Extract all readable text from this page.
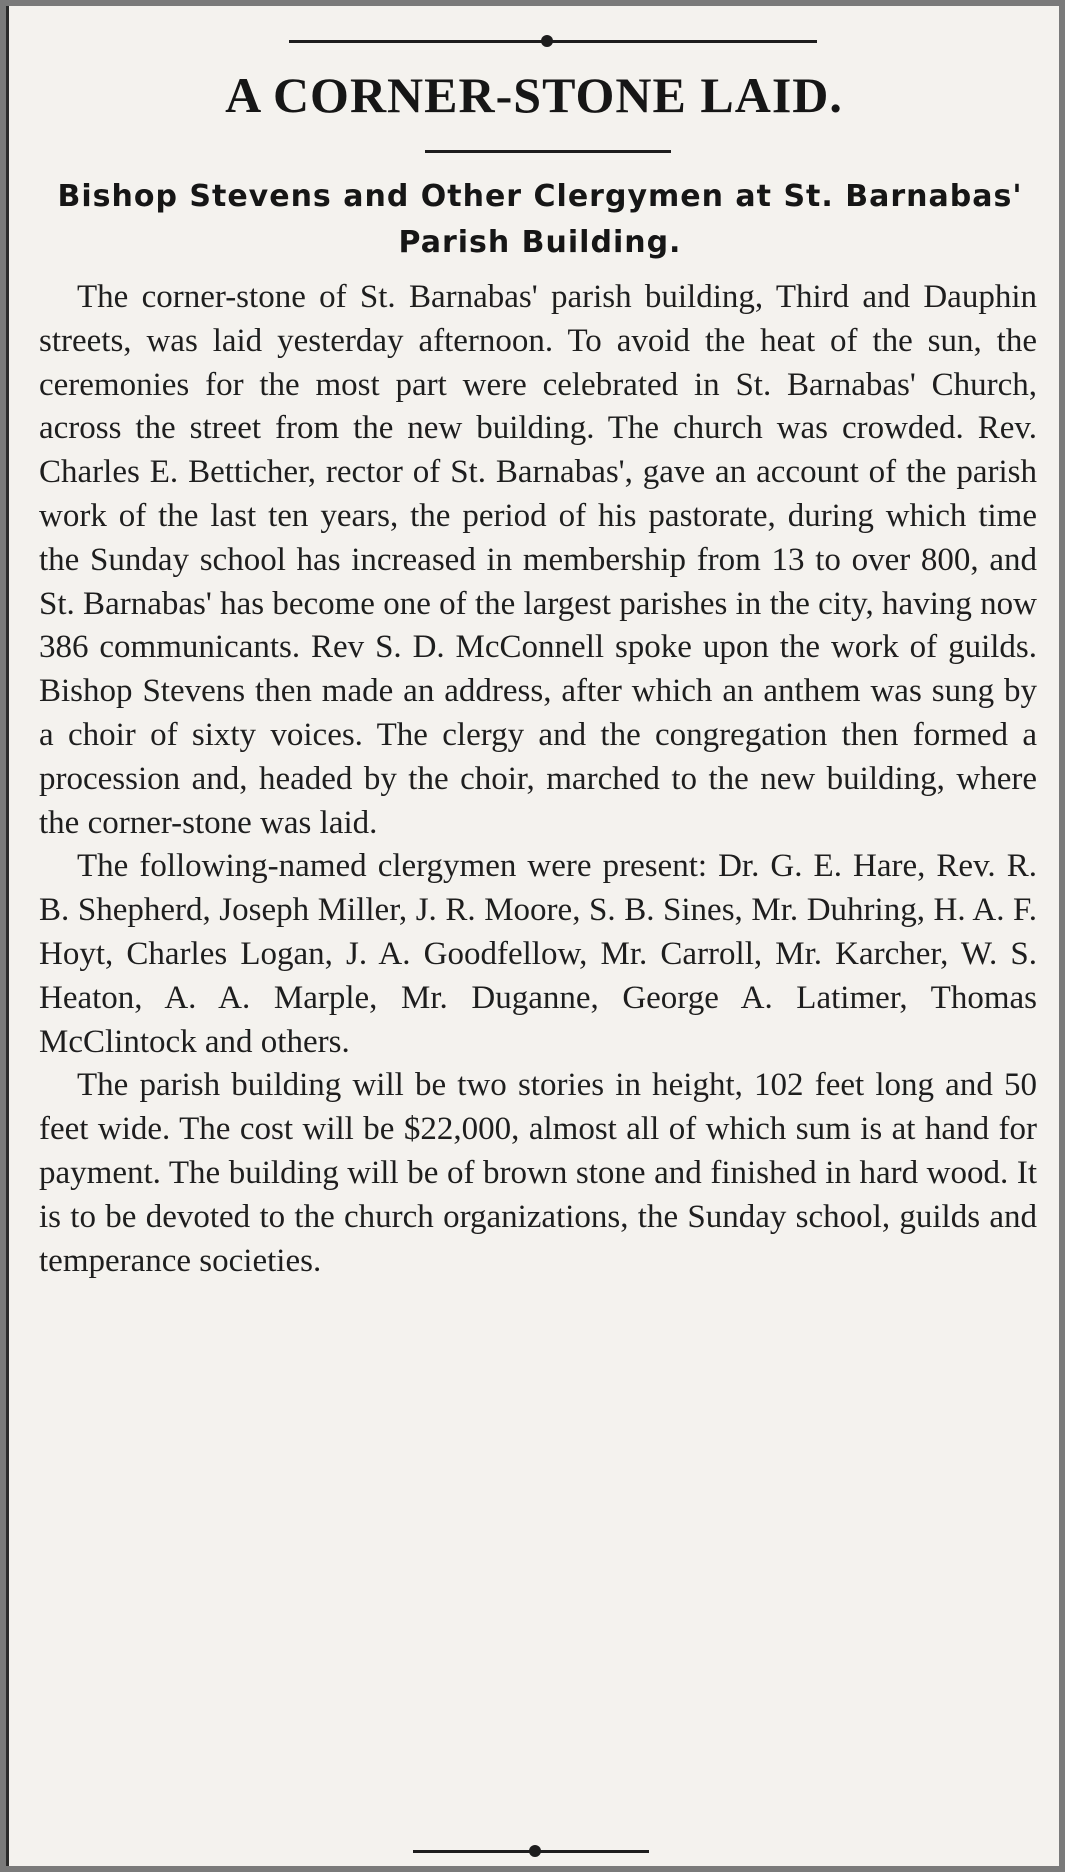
A CORNER-STONE LAID.
Bishop Stevens and Other Clergymen at St. Barnabas' Parish Building.

The corner-stone of St. Barnabas' parish building, Third and Dauphin streets, was laid yesterday afternoon. To avoid the heat of the sun, the ceremonies for the most part were celebrated in St. Barnabas' Church, across the street from the new building. The church was crowded. Rev. Charles E. Betticher, rector of St. Barnabas', gave an account of the parish work of the last ten years, the period of his pastorate, during which time the Sunday school has increased in membership from 13 to over 800, and St. Barnabas' has become one of the largest parishes in the city, having now 386 communicants. Rev S. D. McConnell spoke upon the work of guilds. Bishop Stevens then made an address, after which an anthem was sung by a choir of sixty voices. The clergy and the congregation then formed a procession and, headed by the choir, marched to the new building, where the corner-stone was laid.

The following-named clergymen were present: Dr. G. E. Hare, Rev. R. B. Shepherd, Joseph Miller, J. R. Moore, S. B. Sines, Mr. Duhring, H. A. F. Hoyt, Charles Logan, J. A. Goodfellow, Mr. Carroll, Mr. Karcher, W. S. Heaton, A. A. Marple, Mr. Duganne, George A. Latimer, Thomas McClintock and others.

The parish building will be two stories in height, 102 feet long and 50 feet wide. The cost will be $22,000, almost all of which sum is at hand for payment. The building will be of brown stone and finished in hard wood. It is to be devoted to the church organizations, the Sunday school, guilds and temperance societies.
